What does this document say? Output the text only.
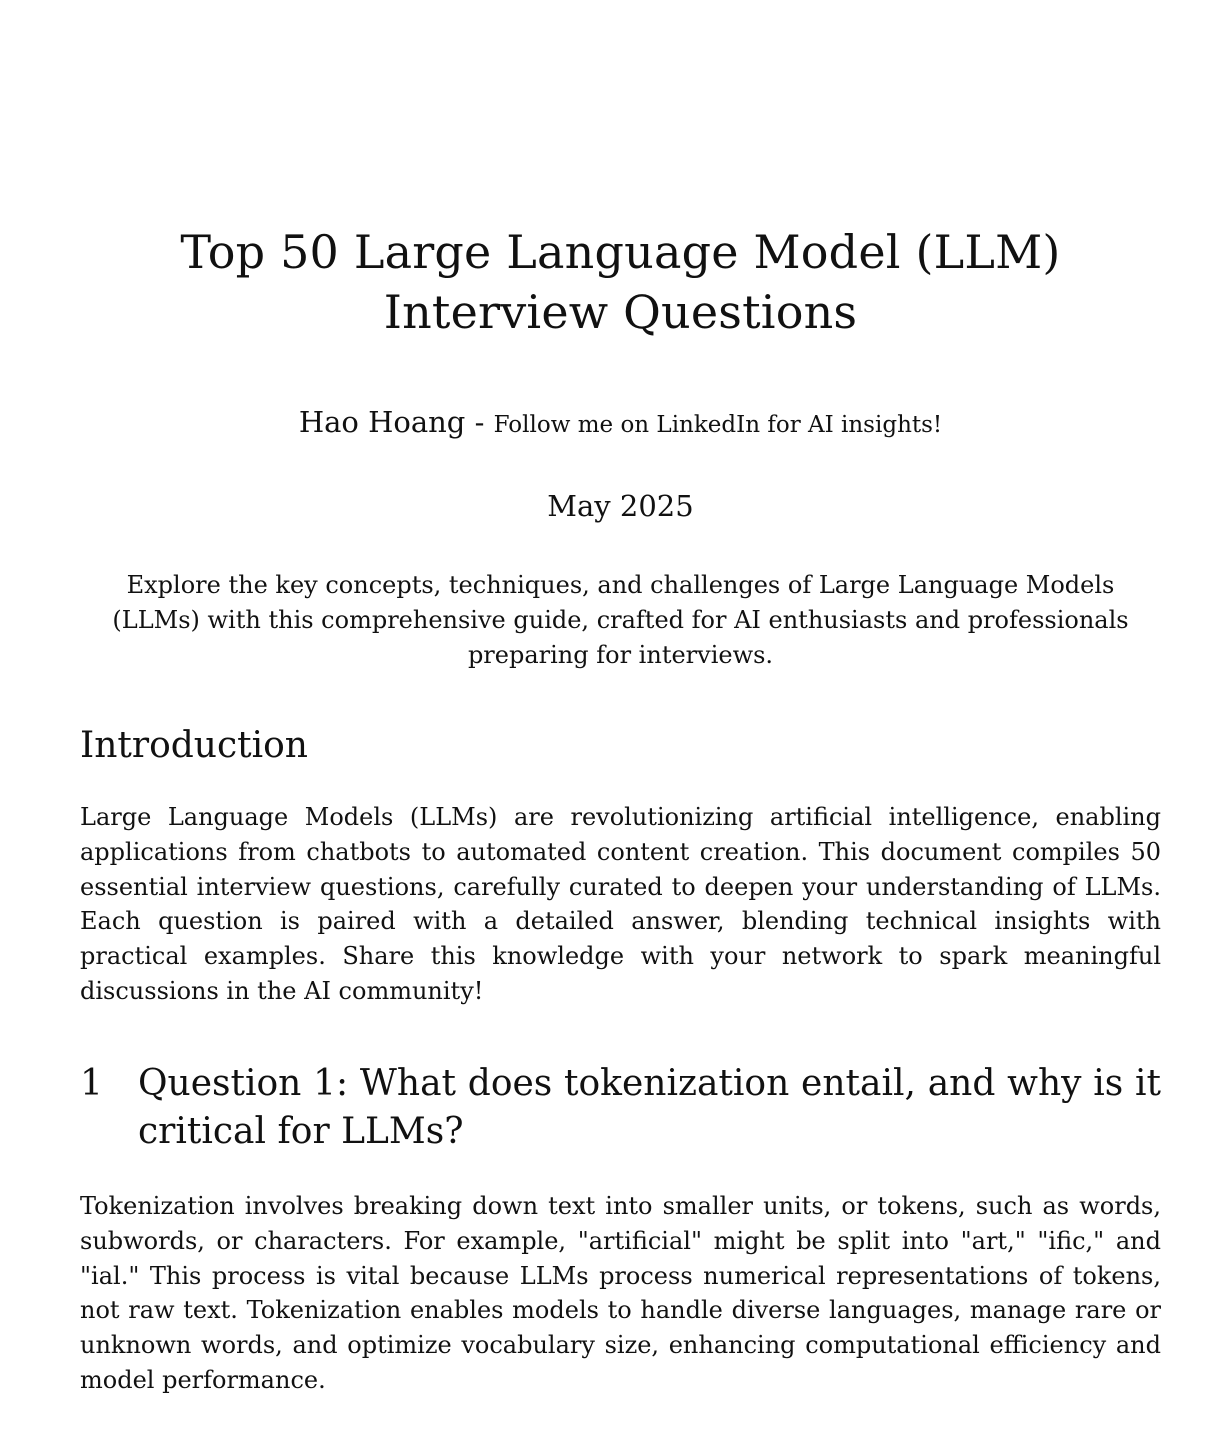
Top 50 Large Language Model (LLM) Interview Questions

Hao Hoang - Follow me on LinkedIn for AI insights!

May 2025

Explore the key concepts, techniques, and challenges of Large Language Models (LLMs) with this comprehensive guide, crafted for AI enthusiasts and professionals preparing for interviews.

Introduction

Large Language Models (LLMs) are revolutionizing artificial intelligence, enabling applications from chatbots to automated content creation. This document compiles 50 essential interview questions, carefully curated to deepen your understanding of LLMs. Each question is paired with a detailed answer, blending technical insights with practical examples. Share this knowledge with your network to spark meaningful discussions in the AI community!

1 Question 1: What does tokenization entail, and why is it critical for LLMs?

Tokenization involves breaking down text into smaller units, or tokens, such as words, subwords, or characters. For example, "artificial" might be split into "art," "ific," and "ial." This process is vital because LLMs process numerical representations of tokens, not raw text. Tokenization enables models to handle diverse languages, manage rare or unknown words, and optimize vocabulary size, enhancing computational efficiency and model performance.
